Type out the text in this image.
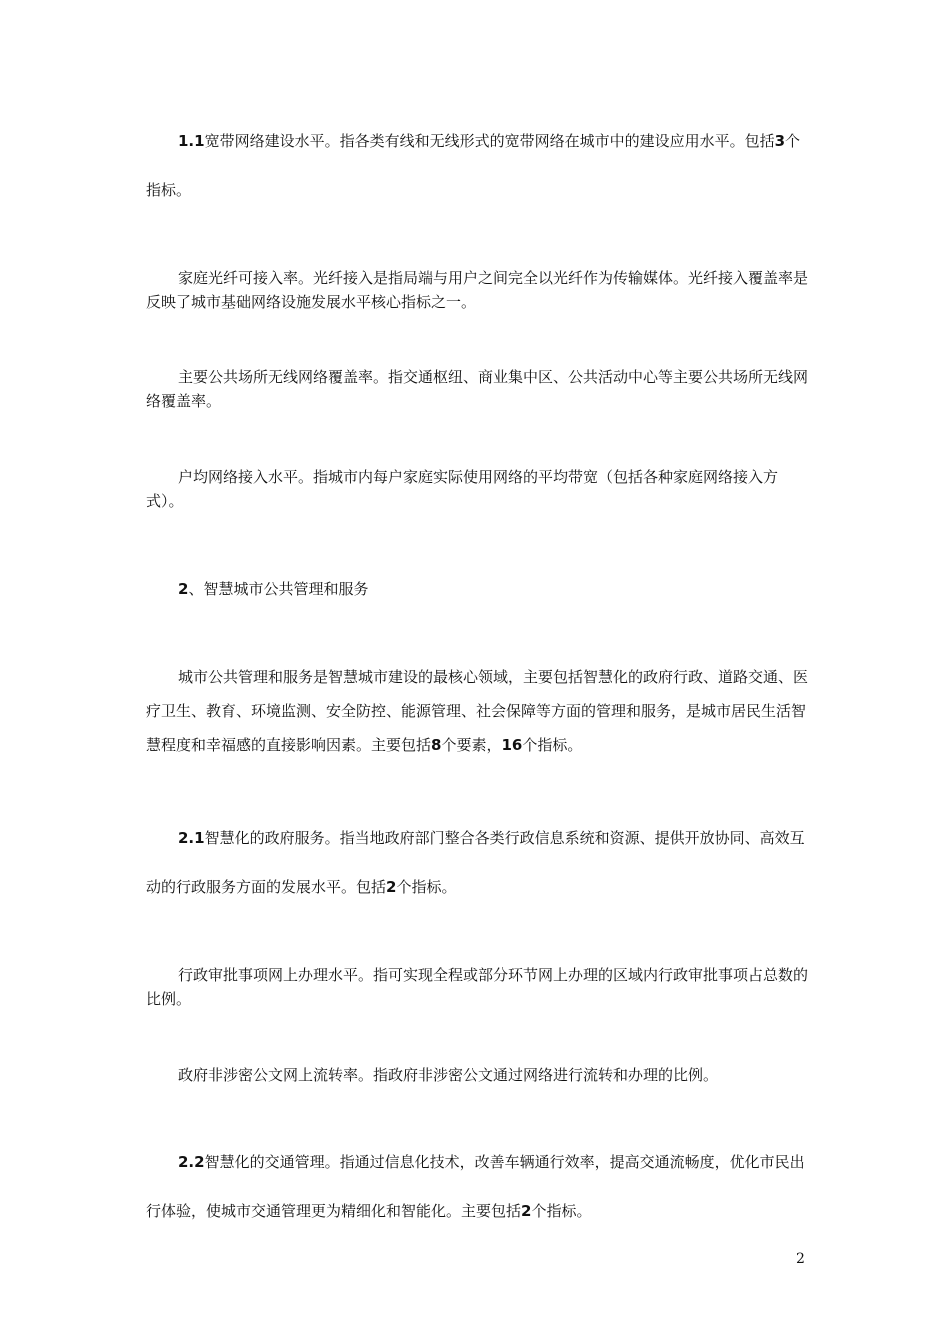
1.1宽带网络建设水平。指各类有线和无线形式的宽带网络在城市中的建设应用水平。包括3个指标。

家庭光纤可接入率。光纤接入是指局端与用户之间完全以光纤作为传输媒体。光纤接入覆盖率是反映了城市基础网络设施发展水平核心指标之一。

主要公共场所无线网络覆盖率。指交通枢纽、商业集中区、公共活动中心等主要公共场所无线网络覆盖率。

户均网络接入水平。指城市内每户家庭实际使用网络的平均带宽（包括各种家庭网络接入方式）。

2、智慧城市公共管理和服务

城市公共管理和服务是智慧城市建设的最核心领域，主要包括智慧化的政府行政、道路交通、医疗卫生、教育、环境监测、安全防控、能源管理、社会保障等方面的管理和服务，是城市居民生活智慧程度和幸福感的直接影响因素。主要包括8个要素，16个指标。

2.1智慧化的政府服务。指当地政府部门整合各类行政信息系统和资源、提供开放协同、高效互动的行政服务方面的发展水平。包括2个指标。

行政审批事项网上办理水平。指可实现全程或部分环节网上办理的区域内行政审批事项占总数的比例。

政府非涉密公文网上流转率。指政府非涉密公文通过网络进行流转和办理的比例。

2.2智慧化的交通管理。指通过信息化技术，改善车辆通行效率，提高交通流畅度，优化市民出行体验，使城市交通管理更为精细化和智能化。主要包括2个指标。

2
